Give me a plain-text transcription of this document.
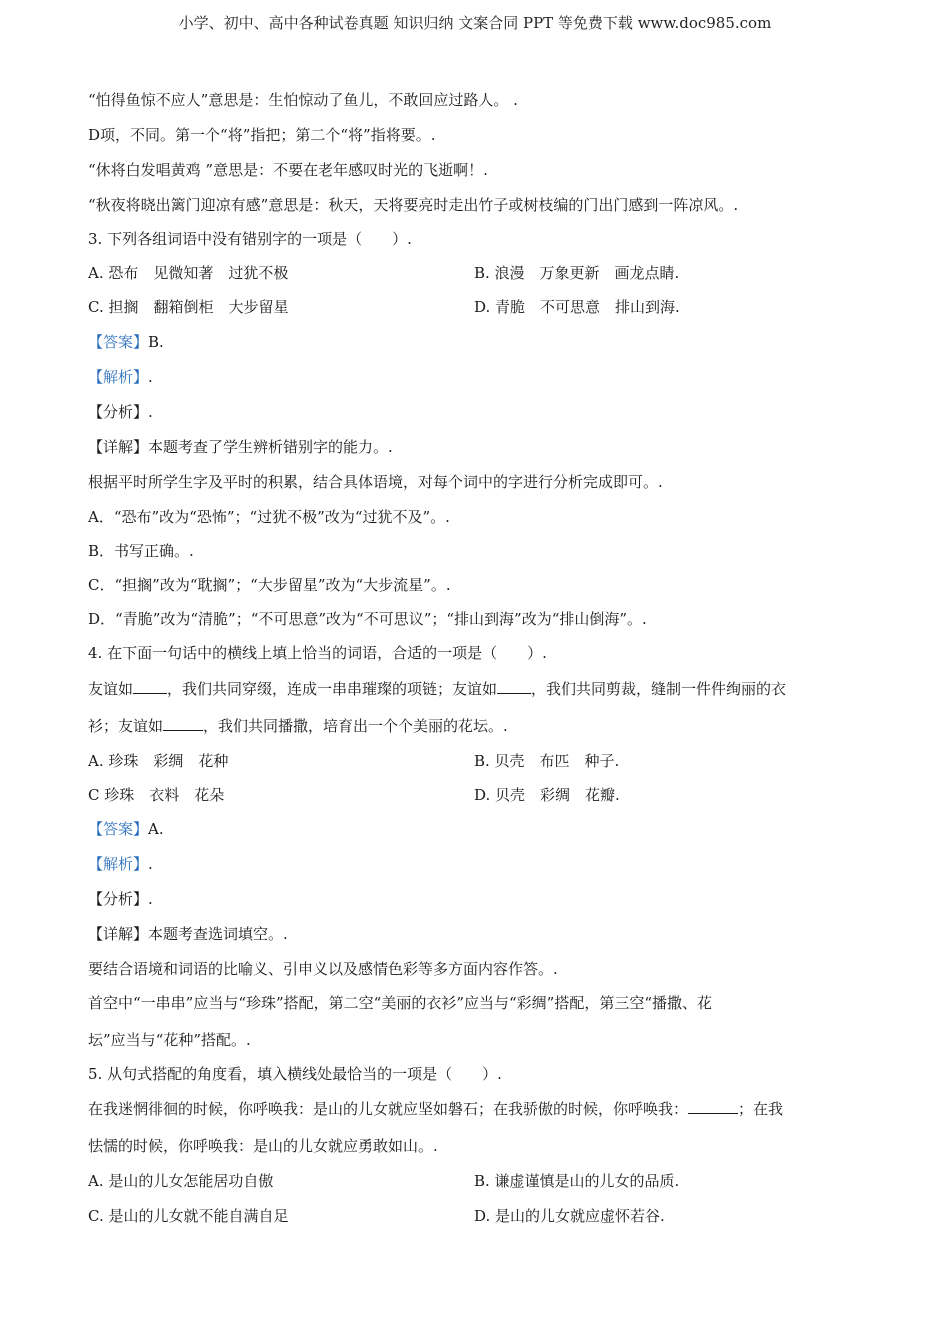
小学、初中、高中各种试卷真题 知识归纳 文案合同 PPT 等免费下载 www.doc985.com
“怕得鱼惊不应人”意思是：生怕惊动了鱼儿，不敢回应过路人。 .
D项，不同。第一个“将”指把；第二个“将”指将要。.
“休将白发唱黄鸡 ”意思是：不要在老年感叹时光的飞逝啊！.
“秋夜将晓出篱门迎凉有感”意思是：秋天，天将要亮时走出竹子或树枝编的门出门感到一阵凉风。.
3. 下列各组词语中没有错别字的一项是（　　）.
A. 恐布　见微知著　过犹不极	B. 浪漫　万象更新　画龙点睛.
C. 担搁　翻箱倒柜　大步留星	D. 青脆　不可思意　排山到海.
【答案】B.
【解析】.
【分析】.
【详解】本题考查了学生辨析错别字的能力。.
根据平时所学生字及平时的积累，结合具体语境，对每个词中的字进行分析完成即可。.
A．“恐布”改为“恐怖”；“过犹不极”改为“过犹不及”。.
B．书写正确。.
C．“担搁”改为“耽搁”；“大步留星”改为“大步流星”。.
D．“青脆”改为“清脆”；“不可思意”改为“不可思议”；“排山到海”改为“排山倒海”。.
4. 在下面一句话中的横线上填上恰当的词语，合适的一项是（　　）.
友谊如 ，我们共同穿缀，连成一串串璀璨的项链；友谊如 ，我们共同剪裁，缝制一件件绚丽的衣
衫；友谊如	，我们共同播撒，培育出一个个美丽的花坛。.
A. 珍珠　彩绸　花种	B. 贝壳　布匹　种子.
C 珍珠　衣料　花朵	D. 贝壳　彩绸　花瓣.
【答案】A.
【解析】.
【分析】.
【详解】本题考查选词填空。.
要结合语境和词语的比喻义、引申义以及感情色彩等多方面内容作答。.
首空中“一串串”应当与“珍珠”搭配，第二空“美丽的衣衫”应当与“彩绸”搭配，第三空“播撒、花
坛”应当与“花种”搭配。.
5. 从句式搭配的角度看，填入横线处最恰当的一项是（　　）.
在我迷惘徘徊的时候，你呼唤我：是山的儿女就应坚如磐石；在我骄傲的时候，你呼唤我：	；在我
怯懦的时候，你呼唤我：是山的儿女就应勇敢如山。.
A. 是山的儿女怎能居功自傲	B. 谦虚谨慎是山的儿女的品质.
C. 是山的儿女就不能自满自足	D. 是山的儿女就应虚怀若谷.
